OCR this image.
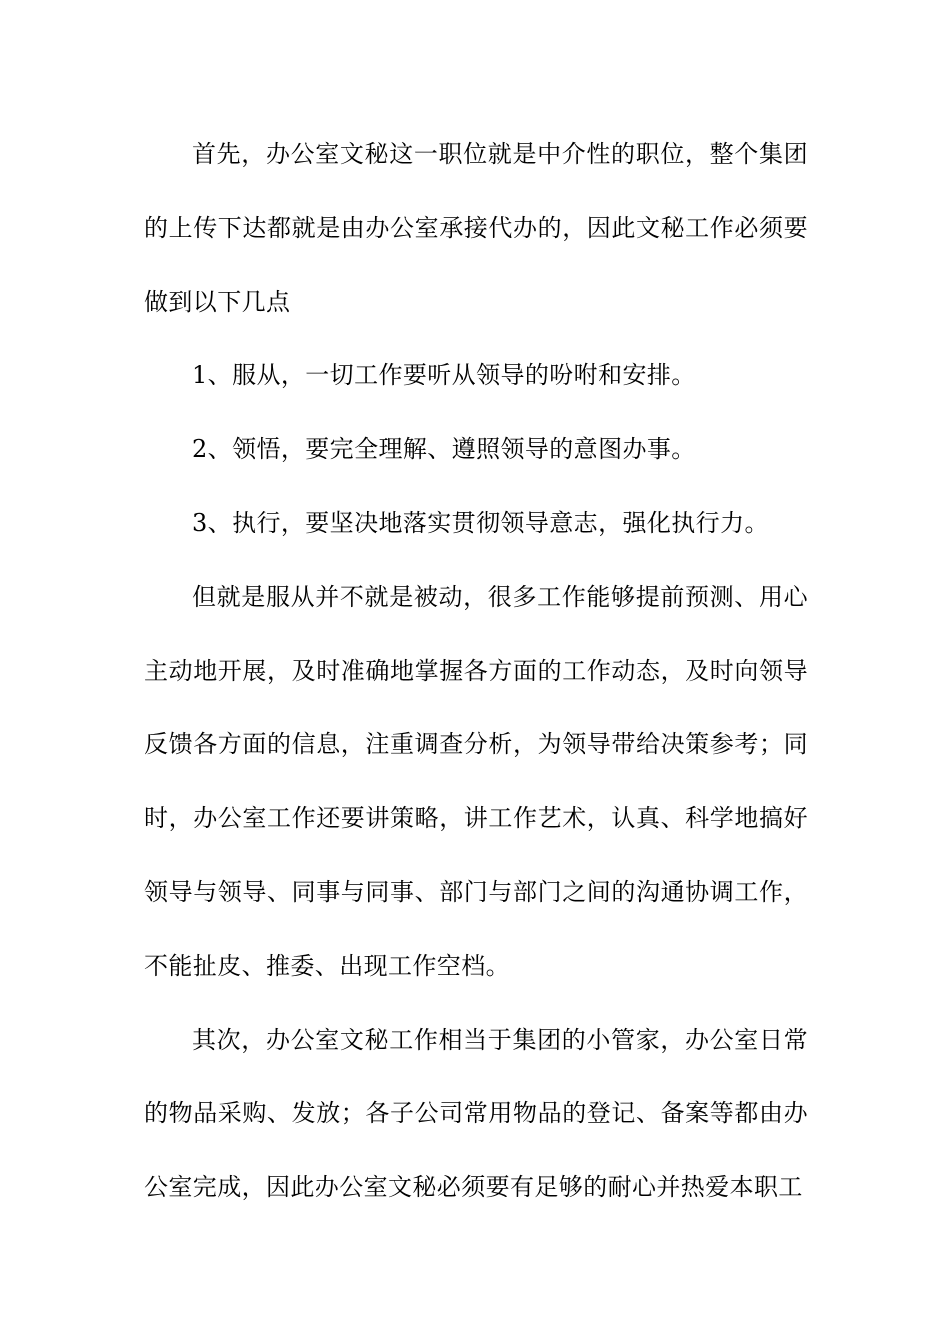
首先，办公室文秘这一职位就是中介性的职位，整个集团的上传下达都就是由办公室承接代办的，因此文秘工作必须要做到以下几点

1、服从，一切工作要听从领导的吩咐和安排。

2、领悟，要完全理解、遵照领导的意图办事。

3、执行，要坚决地落实贯彻领导意志，强化执行力。

但就是服从并不就是被动，很多工作能够提前预测、用心主动地开展，及时准确地掌握各方面的工作动态，及时向领导反馈各方面的信息，注重调查分析，为领导带给决策参考；同时，办公室工作还要讲策略，讲工作艺术，认真、科学地搞好领导与领导、同事与同事、部门与部门之间的沟通协调工作，不能扯皮、推委、出现工作空档。

其次，办公室文秘工作相当于集团的小管家，办公室日常的物品采购、发放；各子公司常用物品的登记、备案等都由办公室完成，因此办公室文秘必须要有足够的耐心并热爱本职工
